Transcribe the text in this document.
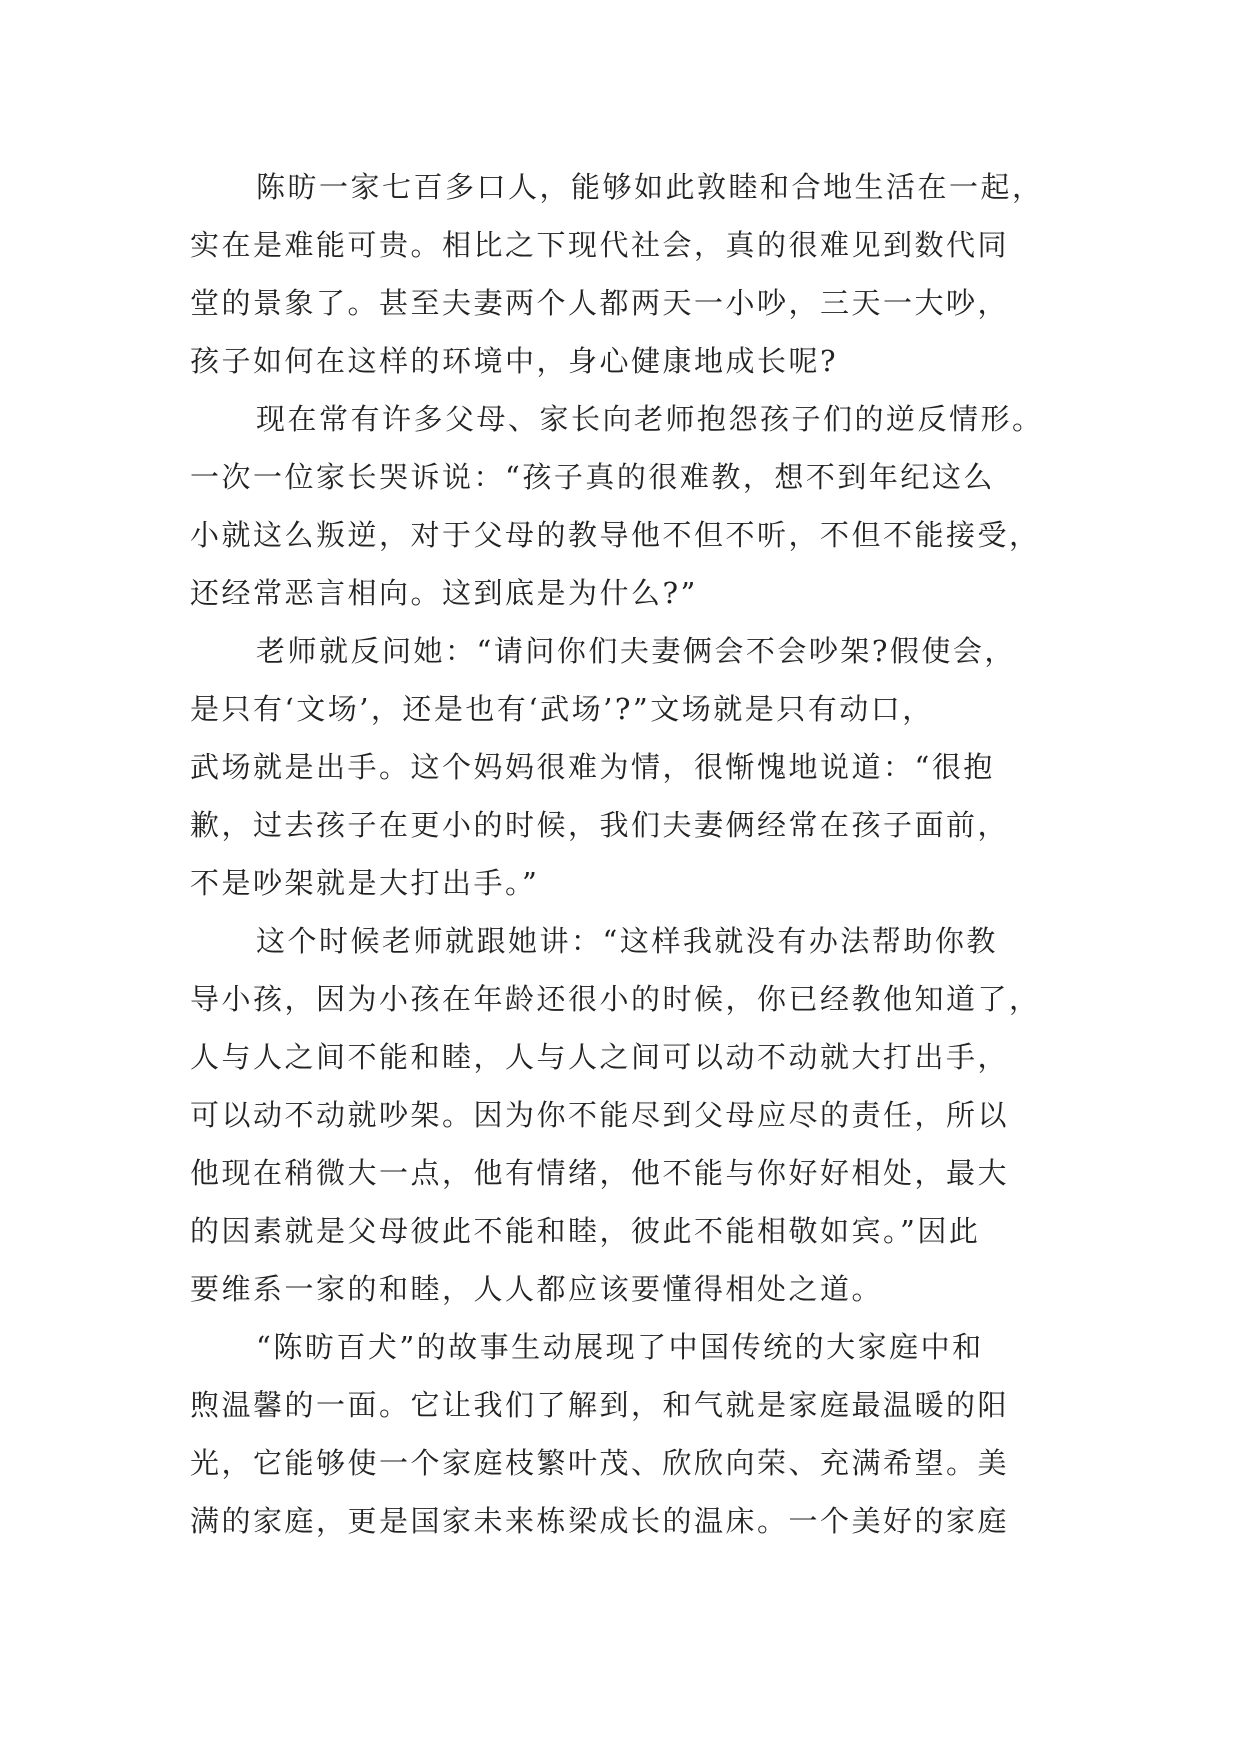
陈昉一家七百多口人，能够如此敦睦和合地生活在一起，
实在是难能可贵。相比之下现代社会，真的很难见到数代同
堂的景象了。甚至夫妻两个人都两天一小吵，三天一大吵，
孩子如何在这样的环境中，身心健康地成长呢?
现在常有许多父母、家长向老师抱怨孩子们的逆反情形。
一次一位家长哭诉说：“孩子真的很难教，想不到年纪这么
小就这么叛逆，对于父母的教导他不但不听，不但不能接受，
还经常恶言相向。这到底是为什么?”
老师就反问她：“请问你们夫妻俩会不会吵架?假使会，
是只有‘文场’，还是也有‘武场’?”文场就是只有动口，
武场就是出手。这个妈妈很难为情，很惭愧地说道：“很抱
歉，过去孩子在更小的时候，我们夫妻俩经常在孩子面前，
不是吵架就是大打出手。”
这个时候老师就跟她讲：“这样我就没有办法帮助你教
导小孩，因为小孩在年龄还很小的时候，你已经教他知道了，
人与人之间不能和睦，人与人之间可以动不动就大打出手，
可以动不动就吵架。因为你不能尽到父母应尽的责任，所以
他现在稍微大一点，他有情绪，他不能与你好好相处，最大
的因素就是父母彼此不能和睦，彼此不能相敬如宾。”因此
要维系一家的和睦，人人都应该要懂得相处之道。
“陈昉百犬”的故事生动展现了中国传统的大家庭中和
煦温馨的一面。它让我们了解到，和气就是家庭最温暖的阳
光，它能够使一个家庭枝繁叶茂、欣欣向荣、充满希望。美
满的家庭，更是国家未来栋梁成长的温床。一个美好的家庭
